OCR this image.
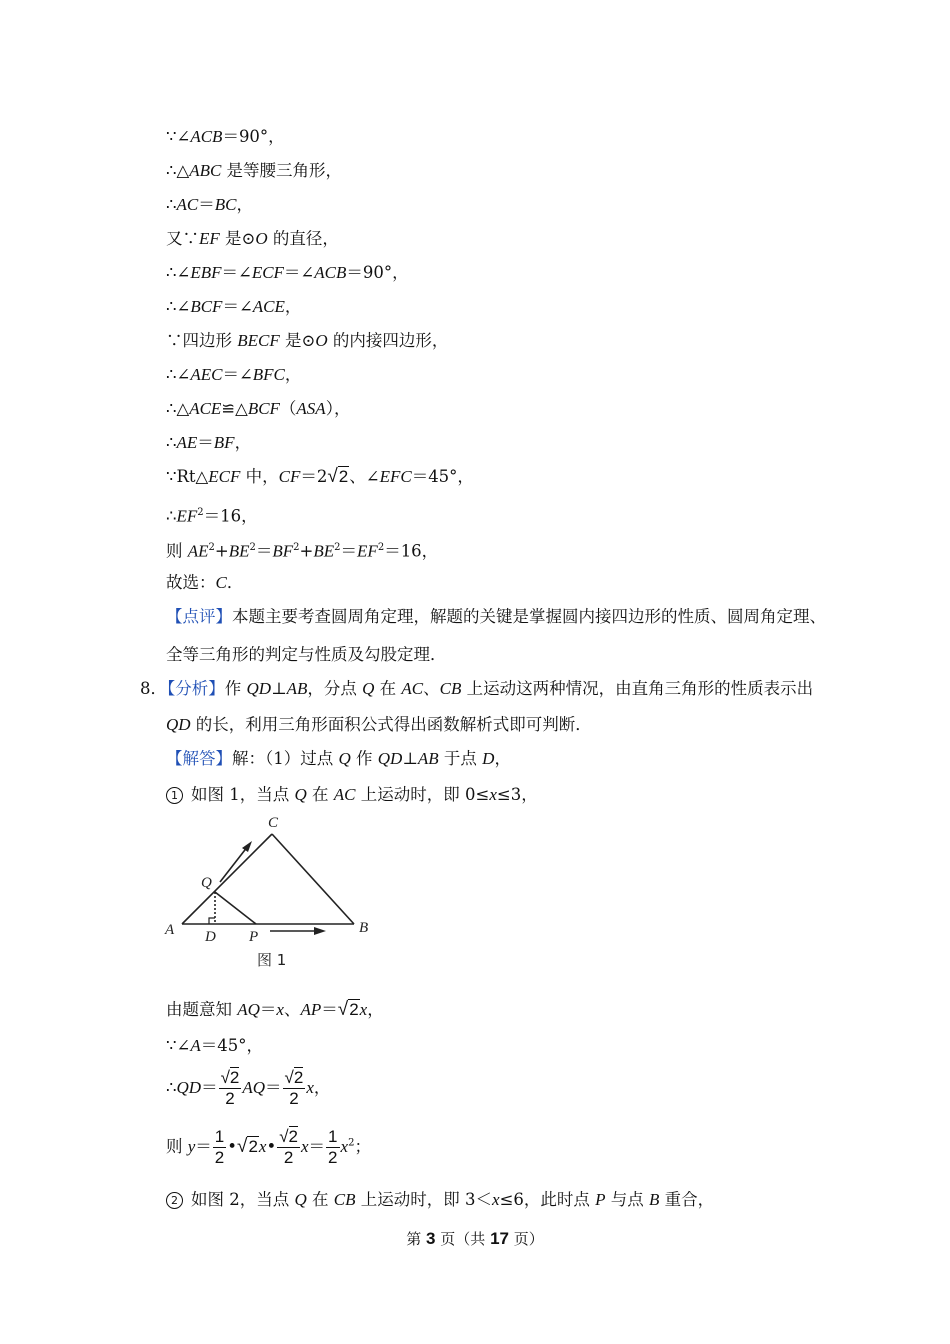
∵∠ACB＝90°，
∴△ABC 是等腰三角形，
∴AC＝BC，
又∵EF 是⊙O 的直径，
∴∠EBF＝∠ECF＝∠ACB＝90°，
∴∠BCF＝∠ACE，
∵四边形 BECF 是⊙O 的内接四边形，
∴∠AEC＝∠BFC，
∴△ACE≌△BCF（ASA），
∴AE＝BF，
∵Rt△ECF 中，CF＝2√2、∠EFC＝45°，
$\therefore EF^2=16$，
则 $AE^2+BE^2=BF^2+BE^2=EF^2=16$，
故选：C．
【点评】本题主要考查圆周角定理，解题的关键是掌握圆内接四边形的性质、圆周角定理、
全等三角形的判定与性质及勾股定理．
8．【分析】作 QD⊥AB，分点 Q 在 AC、CB 上运动这两种情况，由直角三角形的性质表示出
QD 的长，利用三角形面积公式得出函数解析式即可判断．
【解答】解：（1）过点 Q 作 QD⊥AB 于点 D，
1 如图 1，当点 Q 在 AC 上运动时，即 0≤x≤3，
C
Q
A D P
B
图 1
由题意知 AQ＝x、AP＝√2x，
∵∠A＝45°，
∴QD＝ $\frac{√2}{2} AQ= \frac{√2}{2}$ x，
则 $y= \frac{1}{2}$ •√2x• $\frac{√2}{2} x= \frac{1}{2} x^2$；
2 如图 2，当点 Q 在 CB 上运动时，即 3＜x≤6，此时点 P 与点 B 重合，
第 3 页（共 17 页）
